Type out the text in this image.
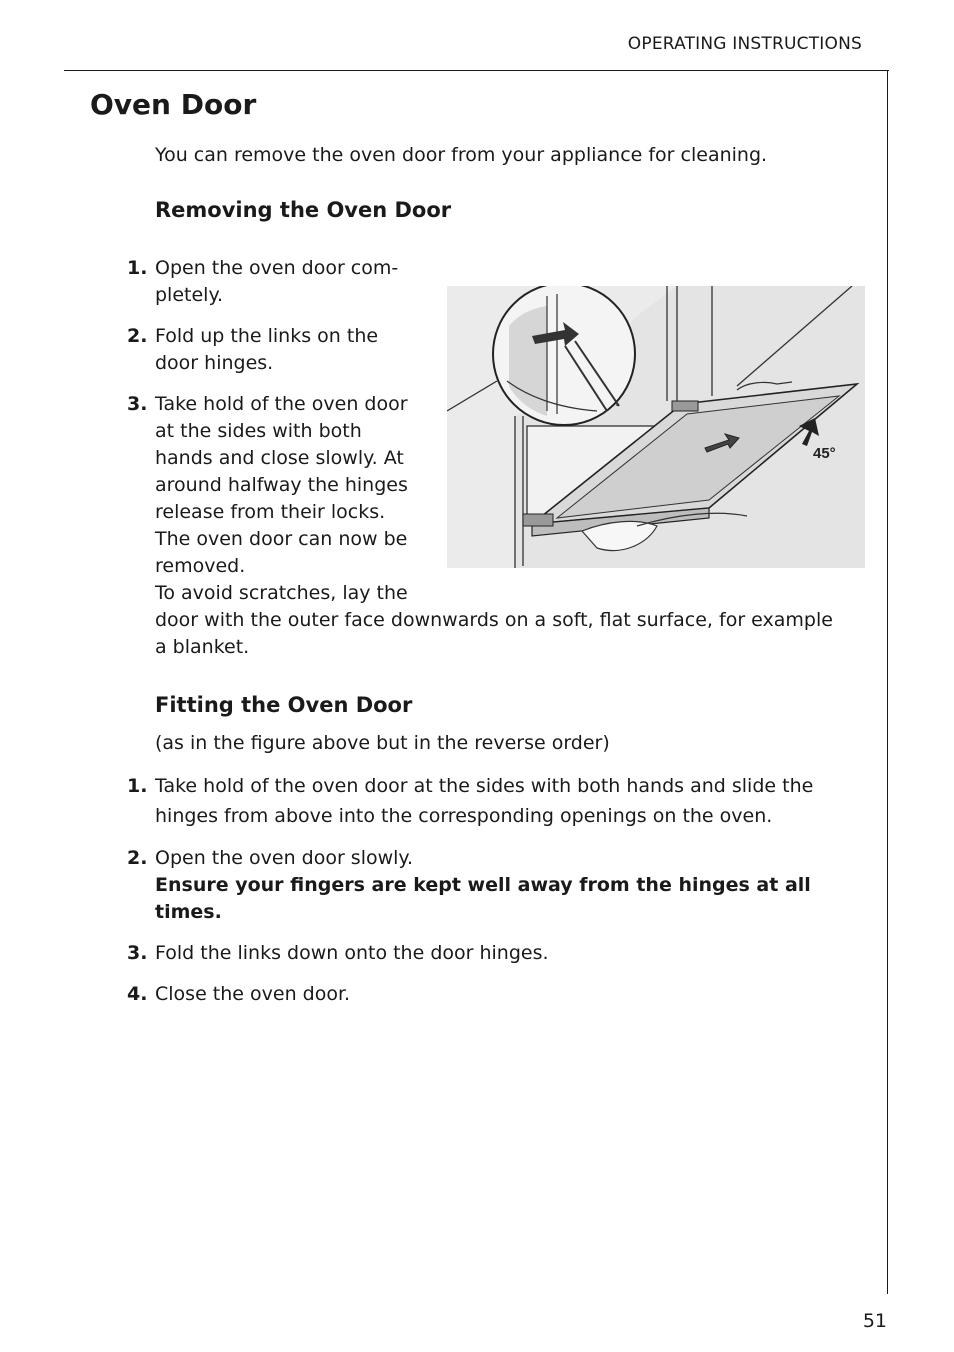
OPERATING INSTRUCTIONS
Oven Door

You can remove the oven door from your appliance for cleaning.

Removing the Oven Door
1. Open the oven door com-
pletely.
2. Fold up the links on the
door hinges.
3. Take hold of the oven door
at the sides with both
hands and close slowly. At
around halfway the hinges
release from their locks.
The oven door can now be
removed.
To avoid scratches, lay the
door with the outer face downwards on a soft, flat surface, for example
a blanket.
45°
Fitting the Oven Door

(as in the figure above but in the reverse order)

1. Take hold of the oven door at the sides with both hands and slide the
hinges from above into the corresponding openings on the oven.
2. Open the oven door slowly.
Ensure your fingers are kept well away from the hinges at all times.
3. Fold the links down onto the door hinges.
4. Close the oven door.
51
